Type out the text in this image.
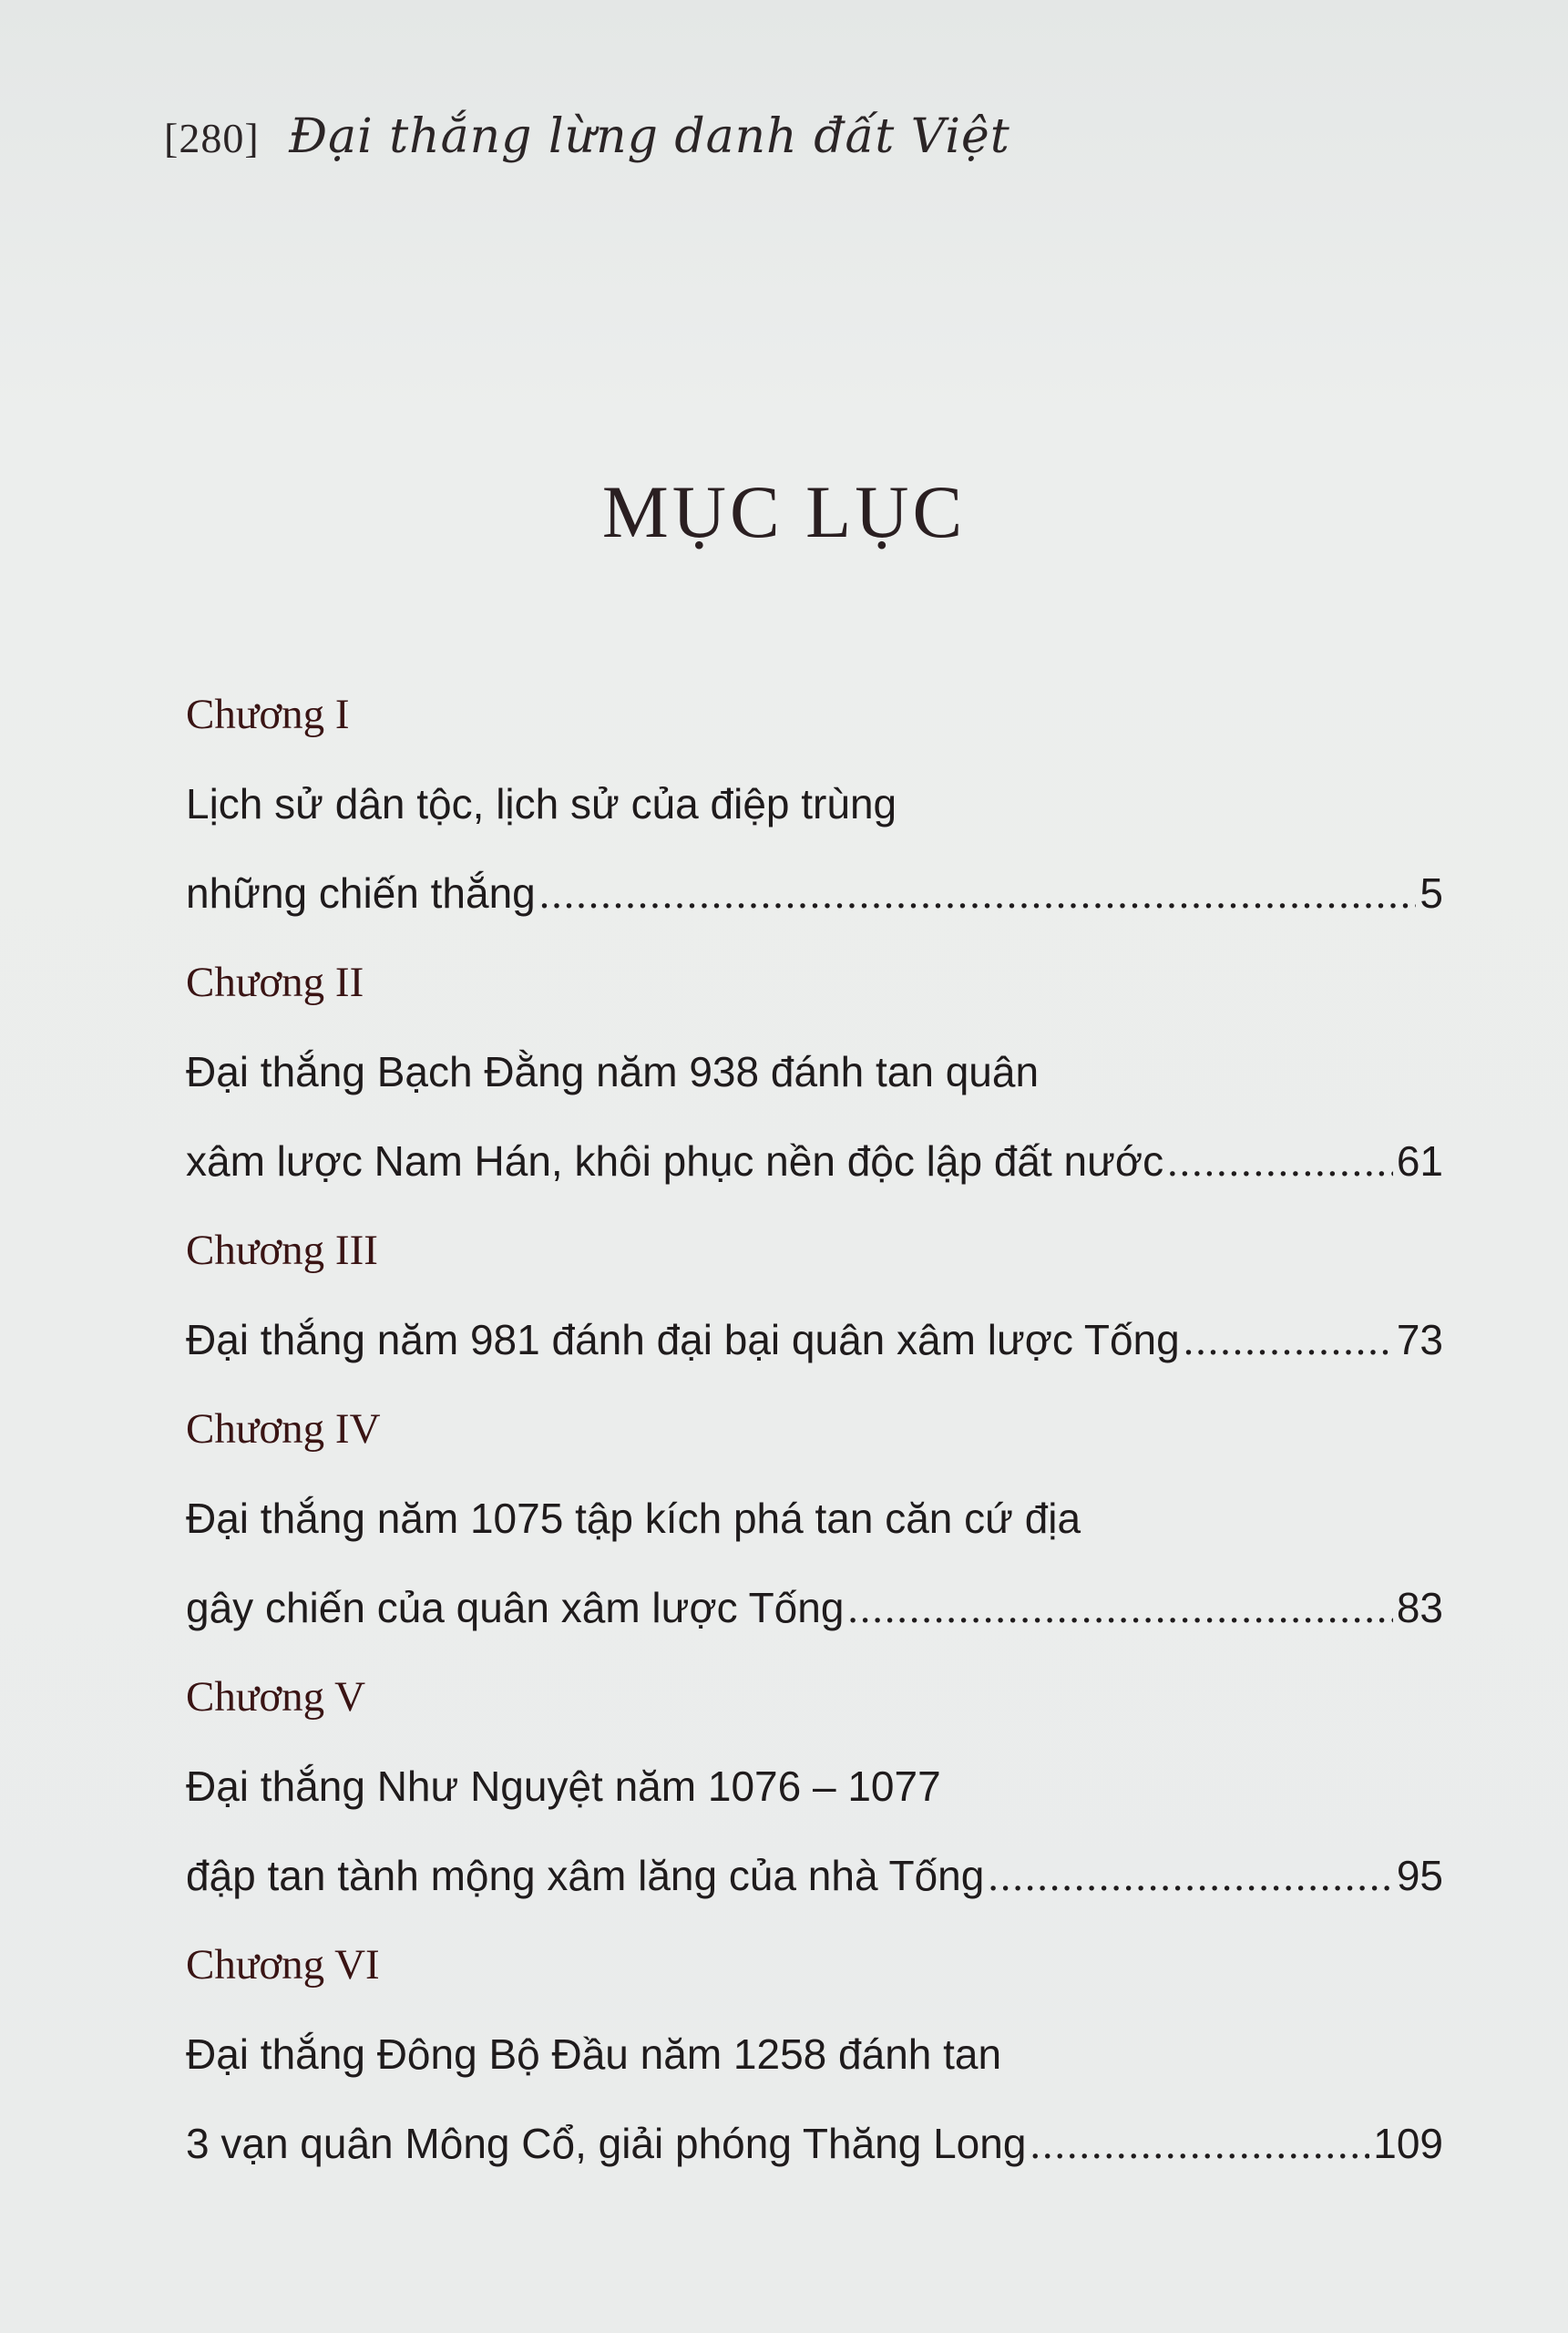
[280] Đại thắng lừng danh đất Việt
MỤC LỤC
Chương I
Lịch sử dân tộc, lịch sử của điệp trùng
những chiến thắng .....	5
Chương II
Đại thắng Bạch Đằng năm 938 đánh tan quân
xâm lược Nam Hán, khôi phục nền độc lập đất nước .....	61
Chương III
Đại thắng năm 981 đánh đại bại quân xâm lược Tống .....	73
Chương IV
Đại thắng năm 1075 tập kích phá tan căn cứ địa
gây chiến của quân xâm lược Tống .....	83
Chương V
Đại thắng Như Nguyệt năm 1076 – 1077
đập tan tành mộng xâm lăng của nhà Tống .....	95
Chương VI
Đại thắng Đông Bộ Đầu năm 1258 đánh tan
3 vạn quân Mông Cổ, giải phóng Thăng Long .....	109
